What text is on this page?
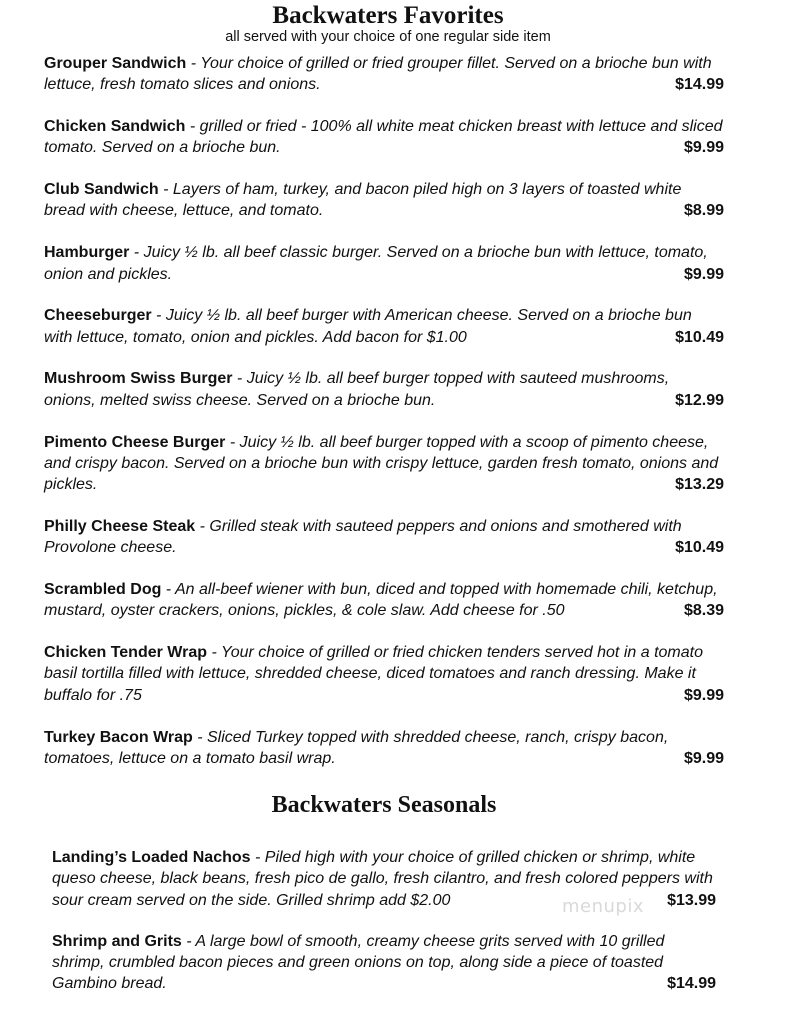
Backwaters Favorites
all served with your choice of one regular side item
Grouper Sandwich - Your choice of grilled or fried grouper fillet. Served on a brioche bun with lettuce, fresh tomato slices and onions.	$14.99
Chicken Sandwich - grilled or fried - 100% all white meat chicken breast with lettuce and sliced tomato. Served on a brioche bun.	$9.99
Club Sandwich - Layers of ham, turkey, and bacon piled high on 3 layers of toasted white bread with cheese, lettuce, and tomato.	$8.99
Hamburger - Juicy ½ lb. all beef classic burger. Served on a brioche bun with lettuce, tomato, onion and pickles.	$9.99
Cheeseburger - Juicy ½ lb. all beef burger with American cheese. Served on a brioche bun with lettuce, tomato, onion and pickles. Add bacon for $1.00	$10.49
Mushroom Swiss Burger - Juicy ½ lb. all beef burger topped with sauteed mushrooms, onions, melted swiss cheese. Served on a brioche bun.	$12.99
Pimento Cheese Burger - Juicy ½ lb. all beef burger topped with a scoop of pimento cheese, and crispy bacon. Served on a brioche bun with crispy lettuce, garden fresh tomato, onions and pickles.	$13.29
Philly Cheese Steak - Grilled steak with sauteed peppers and onions and smothered with Provolone cheese.	$10.49
Scrambled Dog - An all-beef wiener with bun, diced and topped with homemade chili, ketchup, mustard, oyster crackers, onions, pickles, & cole slaw. Add cheese for .50	$8.39
Chicken Tender Wrap - Your choice of grilled or fried chicken tenders served hot in a tomato basil tortilla filled with lettuce, shredded cheese, diced tomatoes and ranch dressing. Make it buffalo for .75	$9.99
Turkey Bacon Wrap - Sliced Turkey topped with shredded cheese, ranch, crispy bacon, tomatoes, lettuce on a tomato basil wrap.	$9.99
Backwaters Seasonals
Landing’s Loaded Nachos - Piled high with your choice of grilled chicken or shrimp, white queso cheese, black beans, fresh pico de gallo, fresh cilantro, and fresh colored peppers with sour cream served on the side. Grilled shrimp add $2.00	$13.99
Shrimp and Grits - A large bowl of smooth, creamy cheese grits served with 10 grilled shrimp, crumbled bacon pieces and green onions on top, along side a piece of toasted Gambino bread.	$14.99
menupix
